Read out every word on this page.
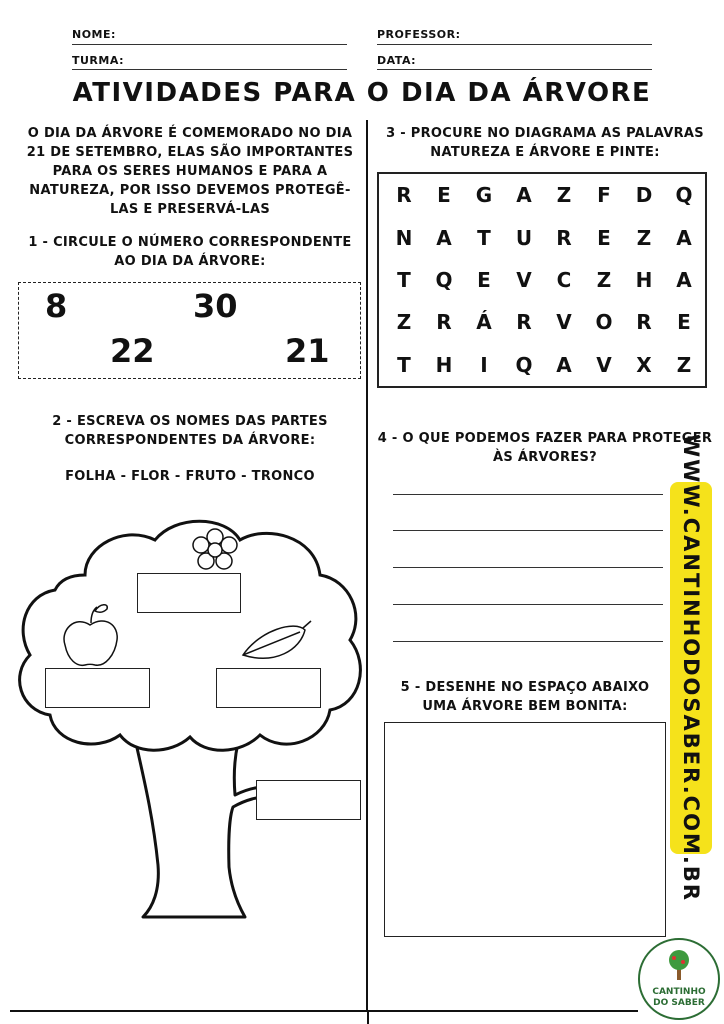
NOME:	PROFESSOR:
TURMA:	DATA:
ATIVIDADES PARA O DIA DA ÁRVORE
O DIA DA ÁRVORE É COMEMORADO NO DIA
21 DE SETEMBRO, ELAS SÃO IMPORTANTES
PARA OS SERES HUMANOS E PARA A
NATUREZA, POR ISSO DEVEMOS PROTEGÊ-
LAS E PRESERVÁ-LAS
1 - CIRCULE O NÚMERO CORRESPONDENTE
AO DIA DA ÁRVORE:
8	30
22	21
2 - ESCREVA OS NOMES DAS PARTES
CORRESPONDENTES DA ÁRVORE:
FOLHA - FLOR - FRUTO - TRONCO
3 - PROCURE NO DIAGRAMA AS PALAVRAS
NATUREZA E ÁRVORE E PINTE:
R	E	G	A	Z	F	D	Q
N	A	T	U	R	E	Z	A
T	Q	E	V	C	Z	H	A
Z	R	Á	R	V	O	R	E
T	H	I	Q	A	V	X	Z
4 - O QUE PODEMOS FAZER PARA PROTEGER
ÀS ÁRVORES?
5 - DESENHE NO ESPAÇO ABAIXO
UMA ÁRVORE BEM BONITA:	WWW.CANTINHODOSABER.COM.BR
CANTINHO
DO SABER
